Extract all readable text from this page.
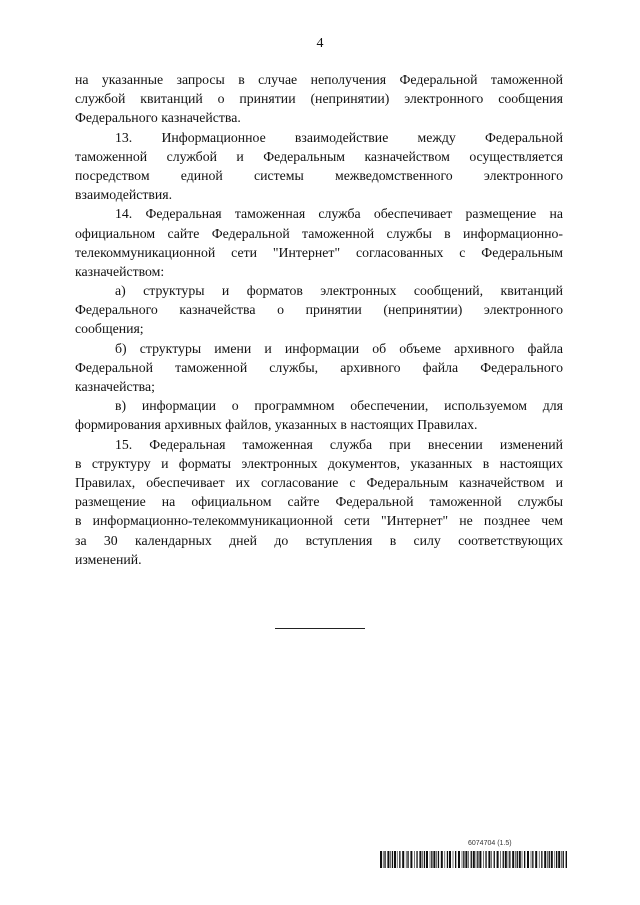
4
на указанные запросы в случае неполучения Федеральной таможенной
службой квитанций о принятии (непринятии) электронного сообщения
Федерального казначейства.
13. Информационное взаимодействие между Федеральной
таможенной службой и Федеральным казначейством осуществляется
посредством единой системы межведомственного электронного
взаимодействия.
14. Федеральная таможенная служба обеспечивает размещение на
официальном сайте Федеральной таможенной службы в информационно-
телекоммуникационной сети "Интернет" согласованных с Федеральным
казначейством:
а) структуры и форматов электронных сообщений, квитанций
Федерального казначейства о принятии (непринятии) электронного
сообщения;
б) структуры имени и информации об объеме архивного файла
Федеральной таможенной службы, архивного файла Федерального
казначейства;
в) информации о программном обеспечении, используемом для
формирования архивных файлов, указанных в настоящих Правилах.
15. Федеральная таможенная служба при внесении изменений
в структуру и форматы электронных документов, указанных в настоящих
Правилах, обеспечивает их согласование с Федеральным казначейством и
размещение на официальном сайте Федеральной таможенной службы
в информационно-телекоммуникационной сети "Интернет" не позднее чем
за 30 календарных дней до вступления в силу соответствующих
изменений.
6074704 (1.5)
